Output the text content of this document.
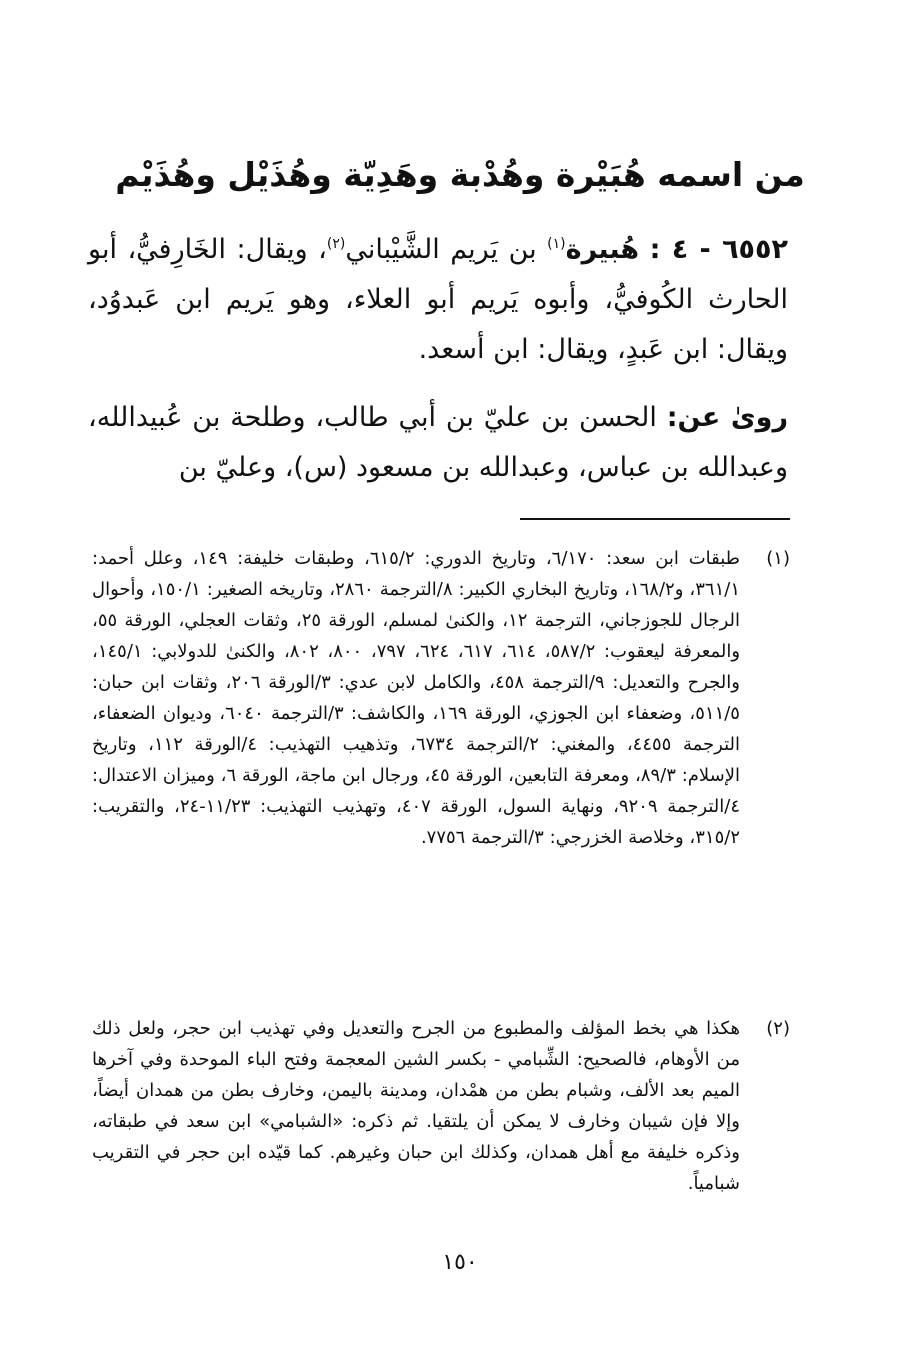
من اسمه هُبَيْرة وهُدْبة وهَدِيّة وهُذَيْل وهُذَيْم
٦٥٥٢ - ٤ : هُبيرة$^{(١)}$ بن يَريم الشَّيْباني$^{(٢)}$، ويقال: الخَارِفيُّ، أبو الحارث الكُوفيُّ، وأبوه يَريم أبو العلاء، وهو يَريم ابن عَبدوُد، ويقال: ابن عَبدٍ، ويقال: ابن أسعد.
روىٰ عن: الحسن بن عليّ بن أبي طالب، وطلحة بن عُبيدالله، وعبدالله بن عباس، وعبدالله بن مسعود (س)، وعليّ بن
(١)
طبقات ابن سعد: ٦/١٧٠، وتاريخ الدوري: ٦١٥/٢، وطبقات خليفة: ١٤٩، وعلل أحمد: ٣٦١/١، و١٦٨/٢، وتاريخ البخاري الكبير: ٨/الترجمة ٢٨٦٠، وتاريخه الصغير: ١٥٠/١، وأحوال الرجال للجوزجاني، الترجمة ١٢، والكنىٰ لمسلم، الورقة ٢٥، وثقات العجلي، الورقة ٥٥، والمعرفة ليعقوب: ٥٨٧/٢، ٦١٤، ٦١٧، ٦٢٤، ٧٩٧، ٨٠٠، ٨٠٢، والكنىٰ للدولابي: ١٤٥/١، والجرح والتعديل: ٩/الترجمة ٤٥٨، والكامل لابن عدي: ٣/الورقة ٢٠٦، وثقات ابن حبان: ٥١١/٥، وضعفاء ابن الجوزي، الورقة ١٦٩، والكاشف: ٣/الترجمة ٦٠٤٠، وديوان الضعفاء، الترجمة ٤٤٥٥، والمغني: ٢/الترجمة ٦٧٣٤، وتذهيب التهذيب: ٤/الورقة ١١٢، وتاريخ الإسلام: ٨٩/٣، ومعرفة التابعين، الورقة ٤٥، ورجال ابن ماجة، الورقة ٦، وميزان الاعتدال: ٤/الترجمة ٩٢٠٩، ونهاية السول، الورقة ٤٠٧، وتهذيب التهذيب: ١١/٢٣-٢٤، والتقريب: ٣١٥/٢، وخلاصة الخزرجي: ٣/الترجمة ٧٧٥٦.
(٢)
هكذا هي بخط المؤلف والمطبوع من الجرح والتعديل وفي تهذيب ابن حجر، ولعل ذلك من الأوهام، فالصحيح: الشِّبامي - بكسر الشين المعجمة وفتح الباء الموحدة وفي آخرها الميم بعد الألف، وشبام بطن من همْدان، ومدينة باليمن، وخارف بطن من همدان أيضاً، وإلا فإن شيبان وخارف لا يمكن أن يلتقيا. ثم ذكره: «الشبامي» ابن سعد في طبقاته، وذكره خليفة مع أهل همدان، وكذلك ابن حبان وغيرهم. كما قيّده ابن حجر في التقريب شبامياً.
١٥٠
